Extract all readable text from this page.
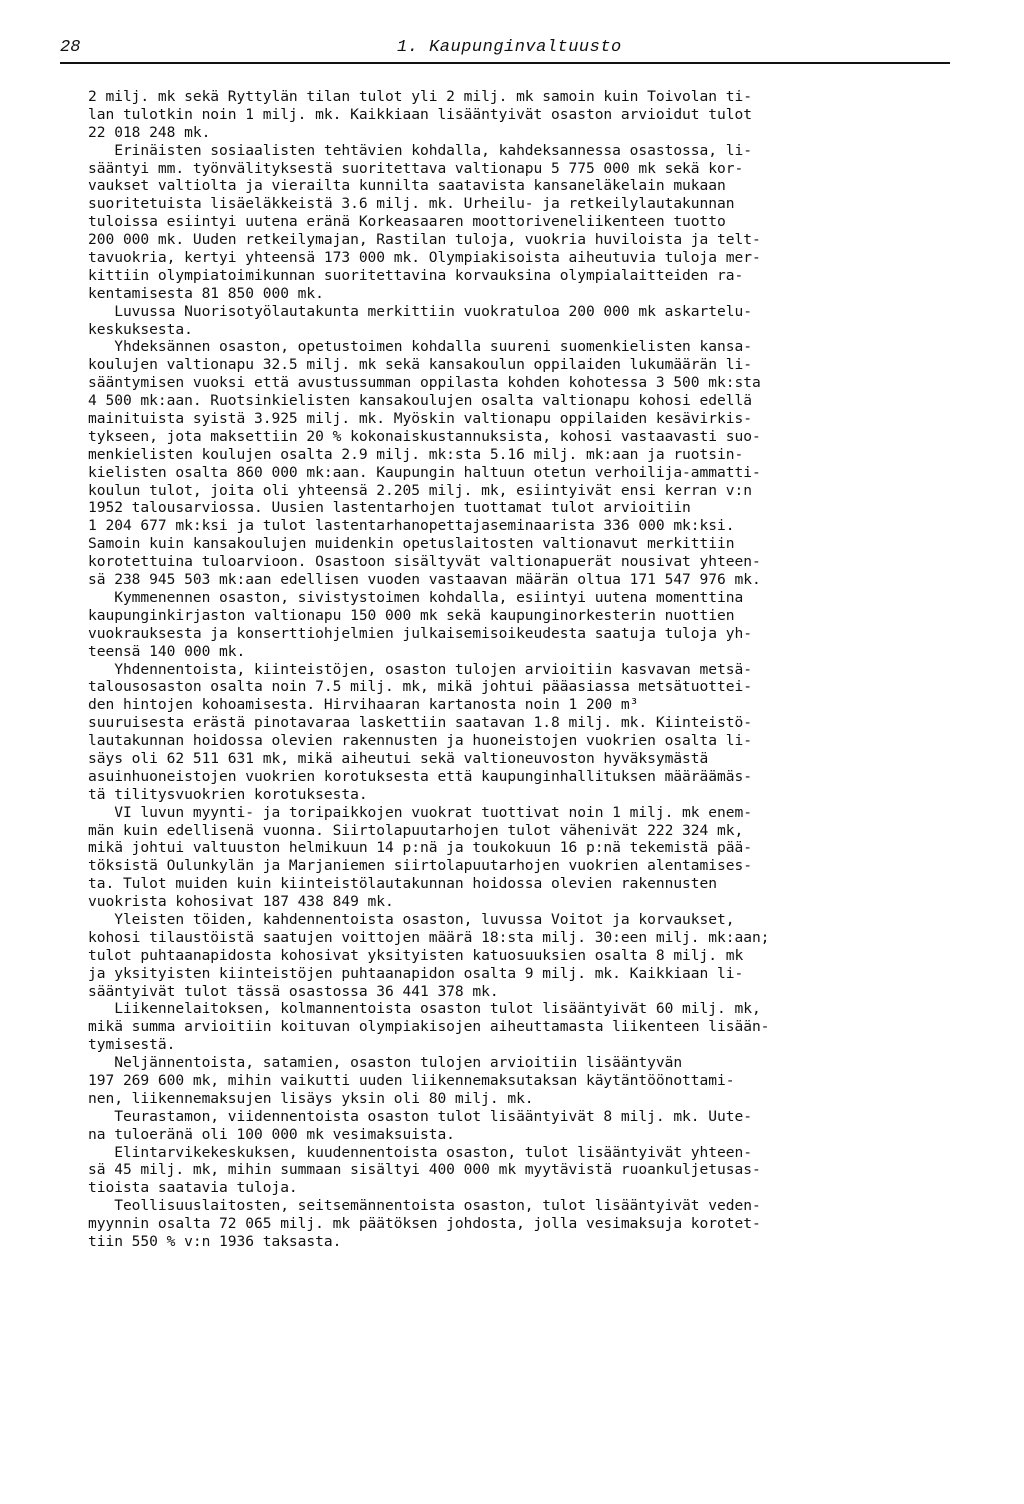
28	1. Kaupunginvaltuusto
2 milj. mk sekä Ryttylän tilan tulot yli 2 milj. mk samoin kuin Toivolan ti-
lan tulotkin noin 1 milj. mk. Kaikkiaan lisääntyivät osaston arvioidut tulot
22 018 248 mk.
Erinäisten sosiaalisten tehtävien kohdalla, kahdeksannessa osastossa, li-
sääntyi mm. työnvälityksestä suoritettava valtionapu 5 775 000 mk sekä kor-
vaukset valtiolta ja vierailta kunnilta saatavista kansaneläkelain mukaan
suoritetuista lisäeläkkeistä 3.6 milj. mk. Urheilu- ja retkeilylautakunnan
tuloissa esiintyi uutena eränä Korkeasaaren moottoriveneliikenteen tuotto
200 000 mk. Uuden retkeilymajan, Rastilan tuloja, vuokria huviloista ja telt-
tavuokria, kertyi yhteensä 173 000 mk. Olympiakisoista aiheutuvia tuloja mer-
kittiin olympiatoimikunnan suoritettavina korvauksina olympialaitteiden ra-
kentamisesta 81 850 000 mk.
Luvussa Nuorisotyölautakunta merkittiin vuokratuloa 200 000 mk askartelu-
keskuksesta.
Yhdeksännen osaston, opetustoimen kohdalla suureni suomenkielisten kansa-
koulujen valtionapu 32.5 milj. mk sekä kansakoulun oppilaiden lukumäärän li-
sääntymisen vuoksi että avustussumman oppilasta kohden kohotessa 3 500 mk:sta
4 500 mk:aan. Ruotsinkielisten kansakoulujen osalta valtionapu kohosi edellä
mainituista syistä 3.925 milj. mk. Myöskin valtionapu oppilaiden kesävirkis-
tykseen, jota maksettiin 20 % kokonaiskustannuksista, kohosi vastaavasti suo-
menkielisten koulujen osalta 2.9 milj. mk:sta 5.16 milj. mk:aan ja ruotsin-
kielisten osalta 860 000 mk:aan. Kaupungin haltuun otetun verhoilija-ammatti-
koulun tulot, joita oli yhteensä 2.205 milj. mk, esiintyivät ensi kerran v:n
1952 talousarviossa. Uusien lastentarhojen tuottamat tulot arvioitiin
1 204 677 mk:ksi ja tulot lastentarhanopettajaseminaarista 336 000 mk:ksi.
Samoin kuin kansakoulujen muidenkin opetuslaitosten valtionavut merkittiin
korotettuina tuloarvioon. Osastoon sisältyvät valtionapuerät nousivat yhteen-
sä 238 945 503 mk:aan edellisen vuoden vastaavan määrän oltua 171 547 976 mk.
Kymmenennen osaston, sivistystoimen kohdalla, esiintyi uutena momenttina
kaupunginkirjaston valtionapu 150 000 mk sekä kaupunginorkesterin nuottien
vuokrauksesta ja konserttiohjelmien julkaisemisoikeudesta saatuja tuloja yh-
teensä 140 000 mk.
Yhdennentoista, kiinteistöjen, osaston tulojen arvioitiin kasvavan metsä-
talousosaston osalta noin 7.5 milj. mk, mikä johtui pääasiassa metsätuottei-
den hintojen kohoamisesta. Hirvihaaran kartanosta noin 1 200 m³
suuruisesta erästä pinotavaraa laskettiin saatavan 1.8 milj. mk. Kiinteistö-
lautakunnan hoidossa olevien rakennusten ja huoneistojen vuokrien osalta li-
säys oli 62 511 631 mk, mikä aiheutui sekä valtioneuvoston hyväksymästä
asuinhuoneistojen vuokrien korotuksesta että kaupunginhallituksen määräämäs-
tä tilitysvuokrien korotuksesta.
VI luvun myynti- ja toripaikkojen vuokrat tuottivat noin 1 milj. mk enem-
män kuin edellisenä vuonna. Siirtolapuutarhojen tulot vähenivät 222 324 mk,
mikä johtui valtuuston helmikuun 14 p:nä ja toukokuun 16 p:nä tekemistä pää-
töksistä Oulunkylän ja Marjaniemen siirtolapuutarhojen vuokrien alentamises-
ta. Tulot muiden kuin kiinteistölautakunnan hoidossa olevien rakennusten
vuokrista kohosivat 187 438 849 mk.
Yleisten töiden, kahdennentoista osaston, luvussa Voitot ja korvaukset,
kohosi tilaustöistä saatujen voittojen määrä 18:sta milj. 30:een milj. mk:aan;
tulot puhtaanapidosta kohosivat yksityisten katuosuuksien osalta 8 milj. mk
ja yksityisten kiinteistöjen puhtaanapidon osalta 9 milj. mk. Kaikkiaan li-
sääntyivät tulot tässä osastossa 36 441 378 mk.
Liikennelaitoksen, kolmannentoista osaston tulot lisääntyivät 60 milj. mk,
mikä summa arvioitiin koituvan olympiakisojen aiheuttamasta liikenteen lisään-
tymisestä.
Neljännentoista, satamien, osaston tulojen arvioitiin lisääntyvän
197 269 600 mk, mihin vaikutti uuden liikennemaksutaksan käytäntöönottami-
nen, liikennemaksujen lisäys yksin oli 80 milj. mk.
Teurastamon, viidennentoista osaston tulot lisääntyivät 8 milj. mk. Uute-
na tuloeränä oli 100 000 mk vesimaksuista.
Elintarvikekeskuksen, kuudennentoista osaston, tulot lisääntyivät yhteen-
sä 45 milj. mk, mihin summaan sisältyi 400 000 mk myytävistä ruoankuljetusas-
tioista saatavia tuloja.
Teollisuuslaitosten, seitsemännentoista osaston, tulot lisääntyivät veden-
myynnin osalta 72 065 milj. mk päätöksen johdosta, jolla vesimaksuja korotet-
tiin 550 % v:n 1936 taksasta.
